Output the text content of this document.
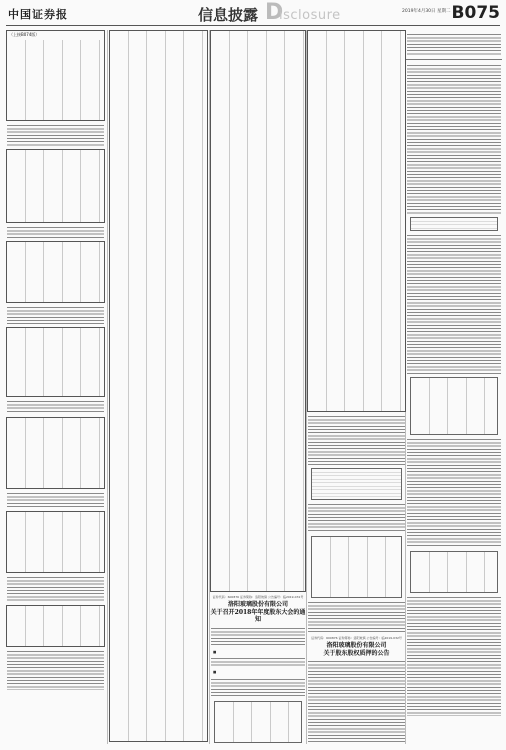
中国证券报	信息披露 D
isclosure	2019年4月30日 星期二 B075
（上接B074版）
证券代码：600876 证券简称：洛阳玻璃 公告编号：临2019-031号
洛阳玻璃股份有限公司
关于召开2018年年度股东大会的通知
■
■
证券代码：600876 证券简称：洛阳玻璃 公告编号：临2019-032号
洛阳玻璃股份有限公司
关于股东股权质押的公告
